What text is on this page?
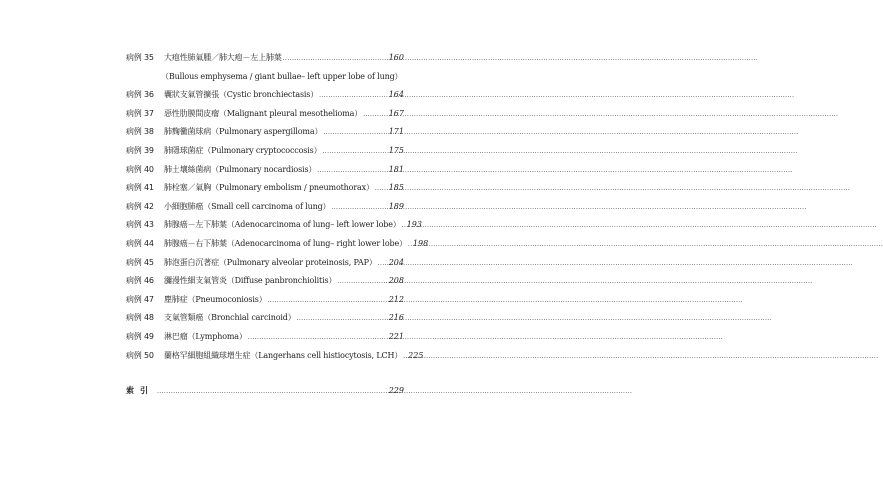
病例 35	大疱性肺氣腫／肺大疱－左上肺葉 .....	160
（Bullous emphysema / giant bullae– left upper lobe of lung）
病例 36	囊狀支氣管擴張（Cystic bronchiectasis） .....	164
病例 37	惡性肋膜間皮瘤（Malignant pleural mesothelioma） .....	167
病例 38	肺麴黴菌球病（Pulmonary aspergilloma） .....	171
病例 39	肺隱球菌症（Pulmonary cryptococcosis） .....	175
病例 40	肺土壤絲菌病（Pulmonary nocardiosis） .....	181
病例 41	肺栓塞／氣胸（Pulmonary embolism / pneumothorax） ..... 185
病例 42	小細胞肺癌（Small cell carcinoma of lung） .....	189
病例 43	肺腺癌－左下肺葉（Adenocarcinoma of lung– left lower lobe） ..... 193
病例 44	肺腺癌－右下肺葉（Adenocarcinoma of lung– right lower lobe） ..... 198
病例 45	肺泡蛋白沉著症（Pulmonary alveolar proteinosis, PAP） ..... 204
病例 46	瀰漫性細支氣管炎（Diffuse panbronchiolitis） .....	208
病例 47	塵肺症（Pneumoconiosis） .....	212
病例 48	支氣管類癌（Bronchial carcinoid） .....	216
病例 49	淋巴瘤（Lymphoma） .....	221
病例 50	蘭格罕細胞組織球增生症（Langerhans cell histiocytosis, LCH） ..... 225
索引 .....	229
